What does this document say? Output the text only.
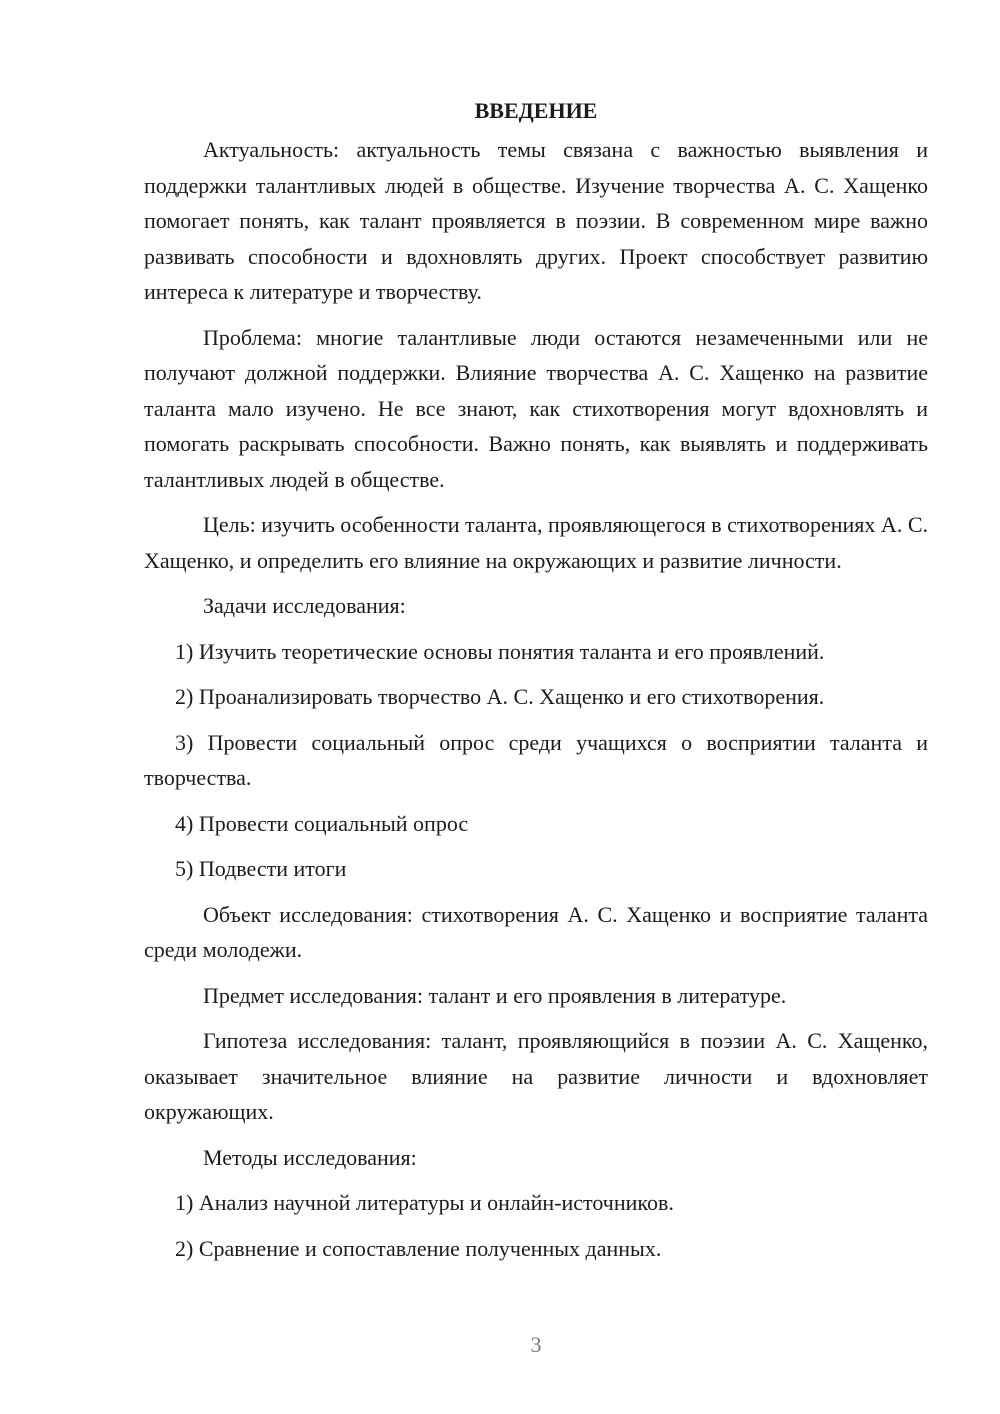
ВВЕДЕНИЕ

Актуальность: актуальность темы связана с важностью выявления и поддержки талантливых людей в обществе. Изучение творчества А. С. Хащенко помогает понять, как талант проявляется в поэзии. В современном мире важно развивать способности и вдохновлять других. Проект способствует развитию интереса к литературе и творчеству.

Проблема: многие талантливые люди остаются незамеченными или не получают должной поддержки. Влияние творчества А. С. Хащенко на развитие таланта мало изучено. Не все знают, как стихотворения могут вдохновлять и помогать раскрывать способности. Важно понять, как выявлять и поддерживать талантливых людей в обществе.

Цель: изучить особенности таланта, проявляющегося в стихотворениях А. С. Хащенко, и определить его влияние на окружающих и развитие личности.

Задачи исследования:

1) Изучить теоретические основы понятия таланта и его проявлений.

2) Проанализировать творчество А. С. Хащенко и его стихотворения.

3) Провести социальный опрос среди учащихся о восприятии таланта и творчества.

4) Провести социальный опрос

5) Подвести итоги

Объект исследования: стихотворения А. С. Хащенко и восприятие таланта среди молодежи.

Предмет исследования: талант и его проявления в литературе.

Гипотеза исследования: талант, проявляющийся в поэзии А. С. Хащенко, оказывает значительное влияние на развитие личности и вдохновляет окружающих.

Методы исследования:

1) Анализ научной литературы и онлайн-источников.

2) Сравнение и сопоставление полученных данных.

3
